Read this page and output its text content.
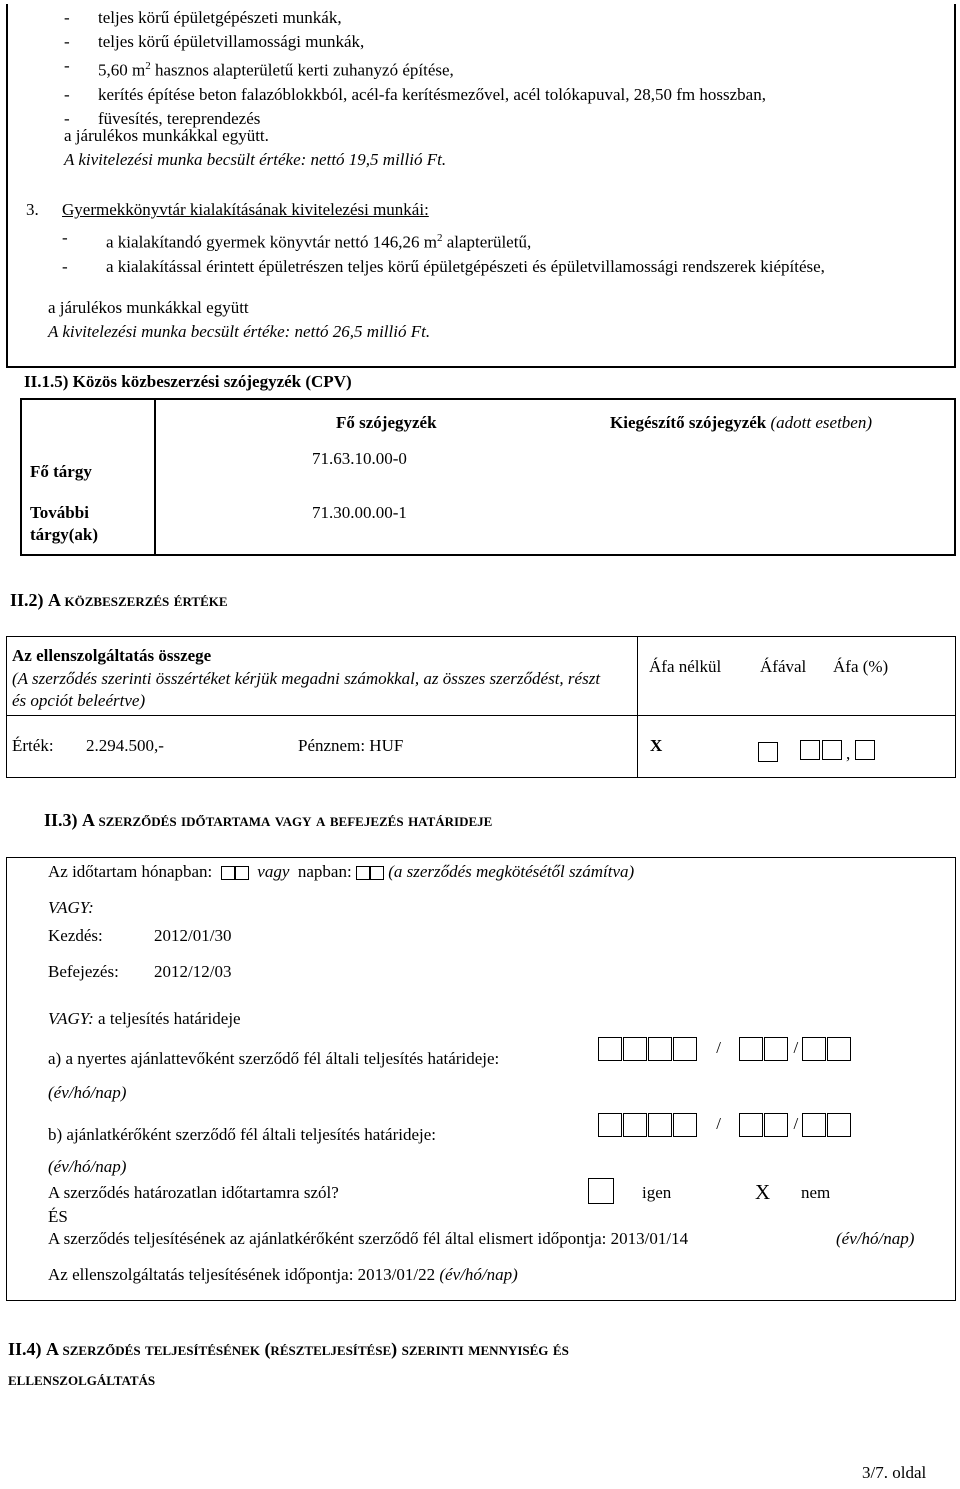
- teljes körű épületgépészeti munkák,
- teljes körű épületvillamossági munkák,
- 5,60 $m^2$ hasznos alapterületű kerti zuhanyzó építése,
- kerítés építése beton falazóblokkból, acél-fa kerítésmezővel, acél tolókapuval, 28,50 fm hosszban,
- füvesítés, tereprendezés
a járulékos munkákkal együtt.
A kivitelezési munka becsült értéke: nettó 19,5 millió Ft.
3. Gyermekkönyvtár kialakításának kivitelezési munkái:
- a kialakítandó gyermek könyvtár nettó 146,26 $m^2$ alapterületű,
- a kialakítással érintett épületrészen teljes körű épületgépészeti és épületvillamossági rendszerek kiépítése,
a járulékos munkákkal együtt
A kivitelezési munka becsült értéke: nettó 26,5 millió Ft.
II.1.5) Közös közbeszerzési szójegyzék (CPV)
Fő szójegyzék	Kiegészítő szójegyzék (adott esetben)
Fő tárgy
71.63.10.00-0
További
tárgy(ak)
71.30.00.00-1
II.2) A közbeszerzés értéke
Az ellenszolgáltatás összege
(A szerződés szerinti összértéket kérjük megadni számokkal, az összes szerződést, részt és opciót beleértve)
Áfa nélkül Áfával Áfa (%)
Érték: 2.294.500,-	Pénznem: HUF	X	,
II.3) A szerződés időtartama vagy a befejezés határideje
Az időtartam hónapban:	vagy napban: (a szerződés megkötésétől számítva)
VAGY:
Kezdés:	2012/01/30
Befejezés: 2012/12/03
VAGY: a teljesítés határideje
a) a nyertes ajánlattevőként szerződő fél általi teljesítés határideje:
/	/
(év/hó/nap)
b) ajánlatkérőként szerződő fél általi teljesítés határideje:
/	/
(év/hó/nap)
A szerződés határozatlan időtartamra szól?	igen	X nem
ÉS
A szerződés teljesítésének az ajánlatkérőként szerződő fél által elismert időpontja: 2013/01/14	(év/hó/nap)
Az ellenszolgáltatás teljesítésének időpontja: 2013/01/22 (év/hó/nap)
II.4) A szerződés teljesítésének (részteljesítése) szerinti mennyiség és
ellenszolgáltatás
3/7. oldal
